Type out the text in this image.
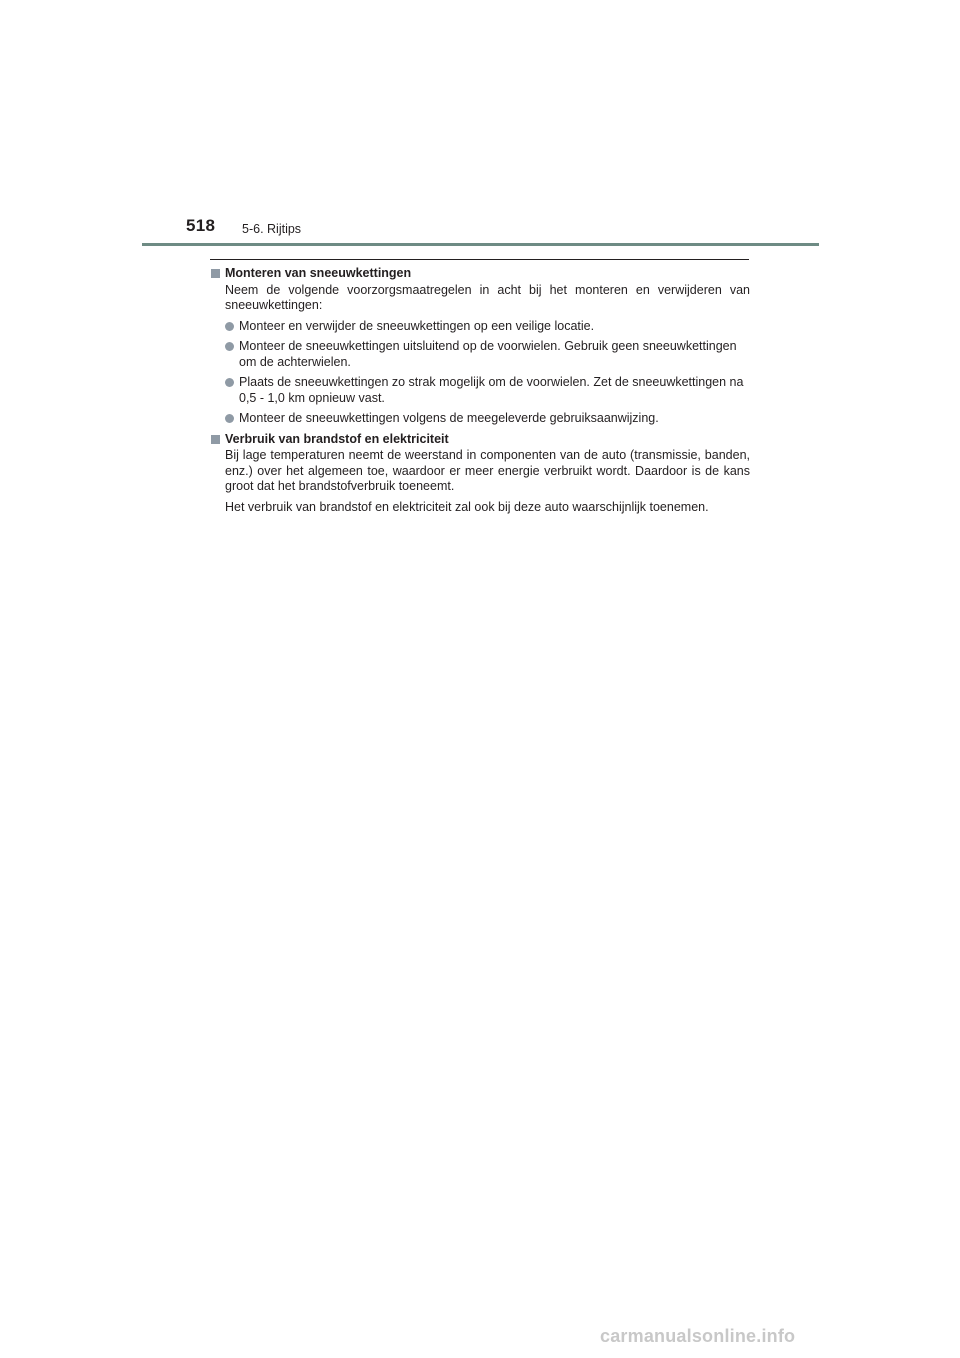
518 5-6. Rijtips
Monteren van sneeuwkettingen
Neem de volgende voorzorgsmaatregelen in acht bij het monteren en verwijderen van sneeuwkettingen:
Monteer en verwijder de sneeuwkettingen op een veilige locatie.
Monteer de sneeuwkettingen uitsluitend op de voorwielen. Gebruik geen sneeuwkettingen om de achterwielen.
Plaats de sneeuwkettingen zo strak mogelijk om de voorwielen. Zet de sneeuwkettingen na 0,5 - 1,0 km opnieuw vast.
Monteer de sneeuwkettingen volgens de meegeleverde gebruiksaanwijzing.
Verbruik van brandstof en elektriciteit
Bij lage temperaturen neemt de weerstand in componenten van de auto (transmissie, banden, enz.) over het algemeen toe, waardoor er meer energie verbruikt wordt. Daardoor is de kans groot dat het brandstofverbruik toeneemt.
Het verbruik van brandstof en elektriciteit zal ook bij deze auto waarschijnlijk toenemen.
carmanualsonline.info
